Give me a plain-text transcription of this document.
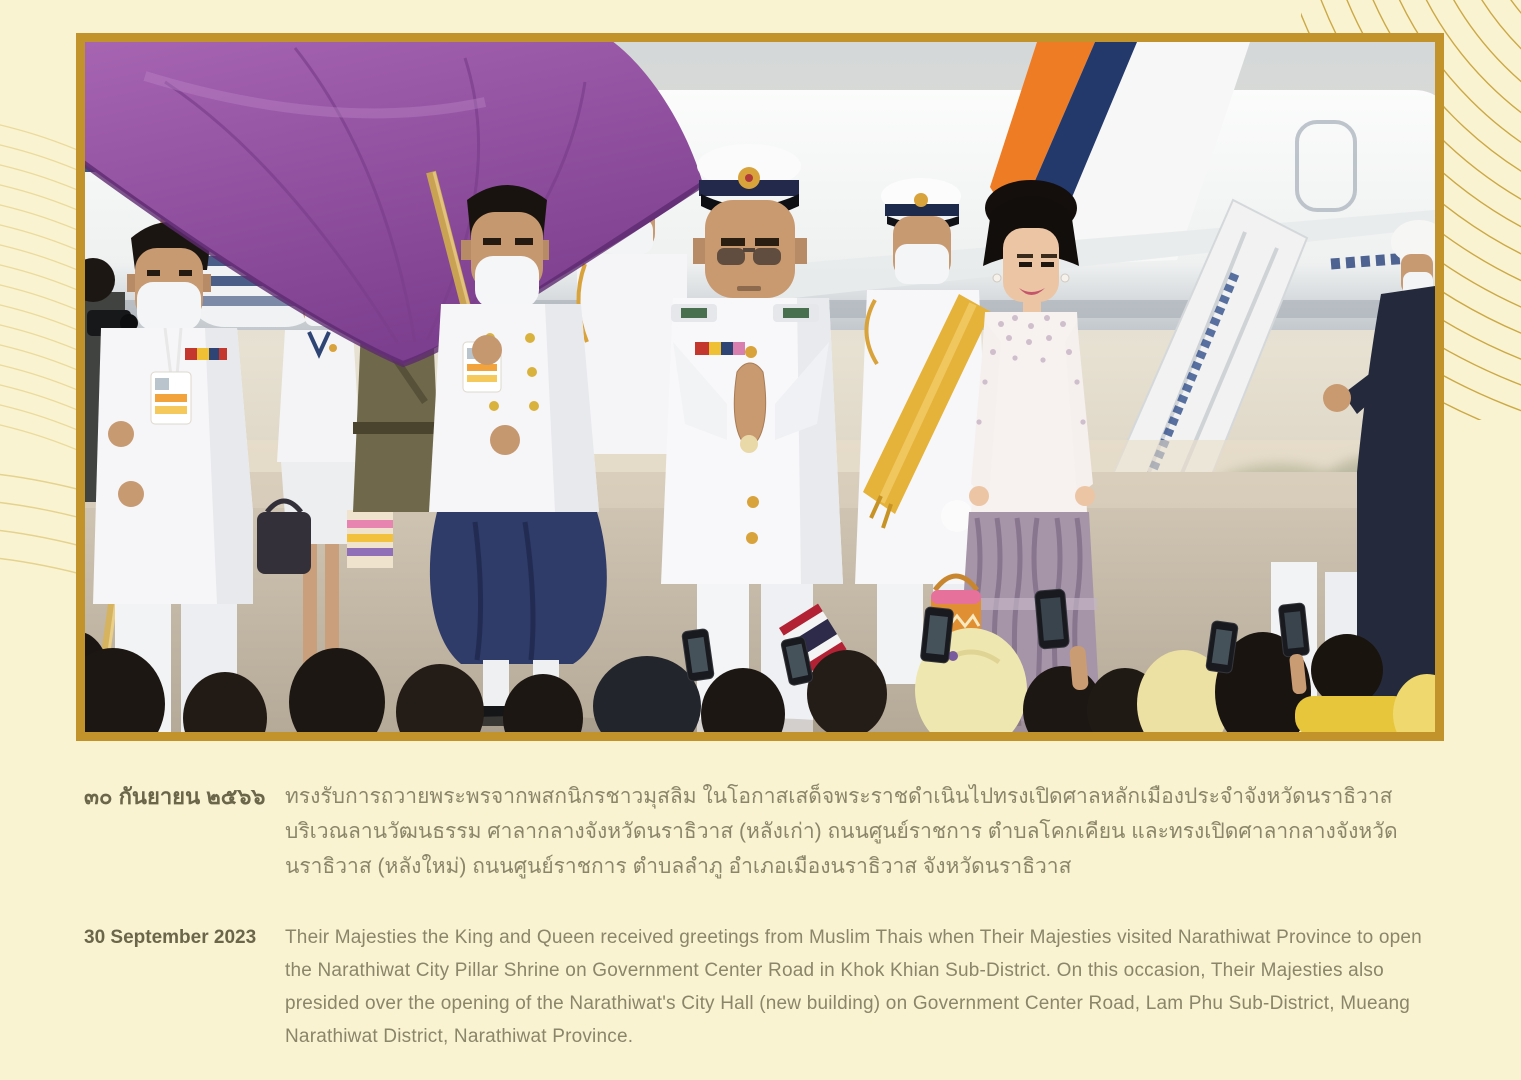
๓๐ กันยายน ๒๕๖๖ ทรงรับการถวายพระพรจากพสกนิกรชาวมุสลิม ในโอกาสเสด็จพระราชดำเนินไปทรงเปิดศาลหลักเมืองประจำจังหวัดนราธิวาส บริเวณลานวัฒนธรรม ศาลากลางจังหวัดนราธิวาส (หลังเก่า) ถนนศูนย์ราชการ ตำบลโคกเคียน และทรงเปิดศาลากลางจังหวัดนราธิวาส (หลังใหม่) ถนนศูนย์ราชการ ตำบลลำภู อำเภอเมืองนราธิวาส จังหวัดนราธิวาส

30 September 2023	Their Majesties the King and Queen received greetings from Muslim Thais when Their Majesties visited Narathiwat Province to open the Narathiwat City Pillar Shrine on Government Center Road in Khok Khian Sub-District. On this occasion, Their Majesties also presided over the opening of the Narathiwat's City Hall (new building) on Government Center Road, Lam Phu Sub-District, Mueang Narathiwat District, Narathiwat Province.
